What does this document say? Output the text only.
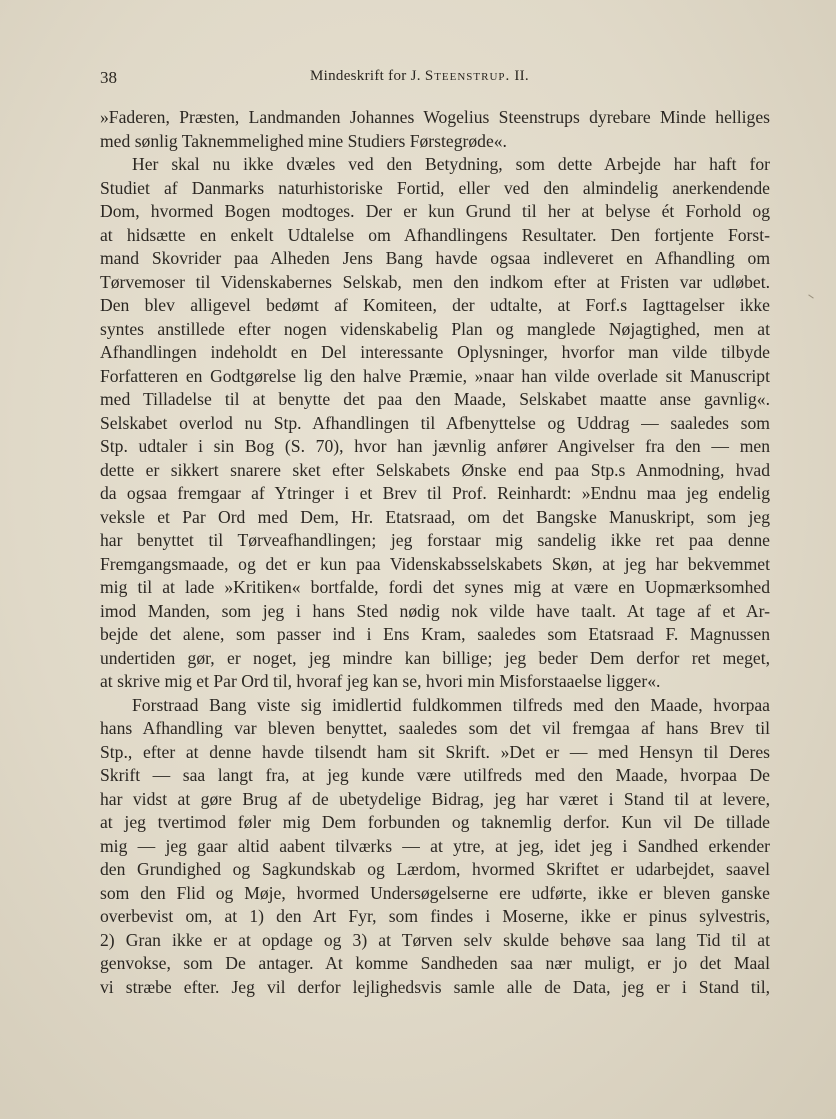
38	Mindeskrift for J. Steenstrup. II.
»Faderen, Præsten, Landmanden Johannes Wogelius Steenstrups dyrebare Minde helliges
med sønlig Taknemmelighed mine Studiers Førstegrøde«.
Her skal nu ikke dvæles ved den Betydning, som dette Arbejde har haft for
Studiet af Danmarks naturhistoriske Fortid, eller ved den almindelig anerkendende
Dom, hvormed Bogen modtoges. Der er kun Grund til her at belyse ét Forhold og
at hidsætte en enkelt Udtalelse om Afhandlingens Resultater. Den fortjente Forst-
mand Skovrider paa Alheden Jens Bang havde ogsaa indleveret en Afhandling om
Tørvemoser til Videnskabernes Selskab, men den indkom efter at Fristen var udløbet.
Den blev alligevel bedømt af Komiteen, der udtalte, at Forf.s Iagttagelser ikke
syntes anstillede efter nogen videnskabelig Plan og manglede Nøjagtighed, men at
Afhandlingen indeholdt en Del interessante Oplysninger, hvorfor man vilde tilbyde
Forfatteren en Godtgørelse lig den halve Præmie, »naar han vilde overlade sit Manuscript
med Tilladelse til at benytte det paa den Maade, Selskabet maatte anse gavnlig«.
Selskabet overlod nu Stp. Afhandlingen til Afbenyttelse og Uddrag — saaledes som
Stp. udtaler i sin Bog (S. 70), hvor han jævnlig anfører Angivelser fra den — men
dette er sikkert snarere sket efter Selskabets Ønske end paa Stp.s Anmodning, hvad
da ogsaa fremgaar af Ytringer i et Brev til Prof. Reinhardt: »Endnu maa jeg endelig
veksle et Par Ord med Dem, Hr. Etatsraad, om det Bangske Manuskript, som jeg
har benyttet til Tørveafhandlingen; jeg forstaar mig sandelig ikke ret paa denne
Fremgangsmaade, og det er kun paa Videnskabsselskabets Skøn, at jeg har bekvemmet
mig til at lade »Kritiken« bortfalde, fordi det synes mig at være en Uopmærksomhed
imod Manden, som jeg i hans Sted nødig nok vilde have taalt. At tage af et Ar-
bejde det alene, som passer ind i Ens Kram, saaledes som Etatsraad F. Magnussen
undertiden gør, er noget, jeg mindre kan billige; jeg beder Dem derfor ret meget,
at skrive mig et Par Ord til, hvoraf jeg kan se, hvori min Misforstaaelse ligger«.
Forstraad Bang viste sig imidlertid fuldkommen tilfreds med den Maade, hvorpaa
hans Afhandling var bleven benyttet, saaledes som det vil fremgaa af hans Brev til
Stp., efter at denne havde tilsendt ham sit Skrift. »Det er — med Hensyn til Deres
Skrift — saa langt fra, at jeg kunde være utilfreds med den Maade, hvorpaa De
har vidst at gøre Brug af de ubetydelige Bidrag, jeg har været i Stand til at levere,
at jeg tvertimod føler mig Dem forbunden og taknemlig derfor. Kun vil De tillade
mig — jeg gaar altid aabent tilværks — at ytre, at jeg, idet jeg i Sandhed erkender
den Grundighed og Sagkundskab og Lærdom, hvormed Skriftet er udarbejdet, saavel
som den Flid og Møje, hvormed Undersøgelserne ere udførte, ikke er bleven ganske
overbevist om, at 1) den Art Fyr, som findes i Moserne, ikke er pinus sylvestris,
2) Gran ikke er at opdage og 3) at Tørven selv skulde behøve saa lang Tid til at
genvokse, som De antager. At komme Sandheden saa nær muligt, er jo det Maal
vi stræbe efter. Jeg vil derfor lejlighedsvis samle alle de Data, jeg er i Stand til,
